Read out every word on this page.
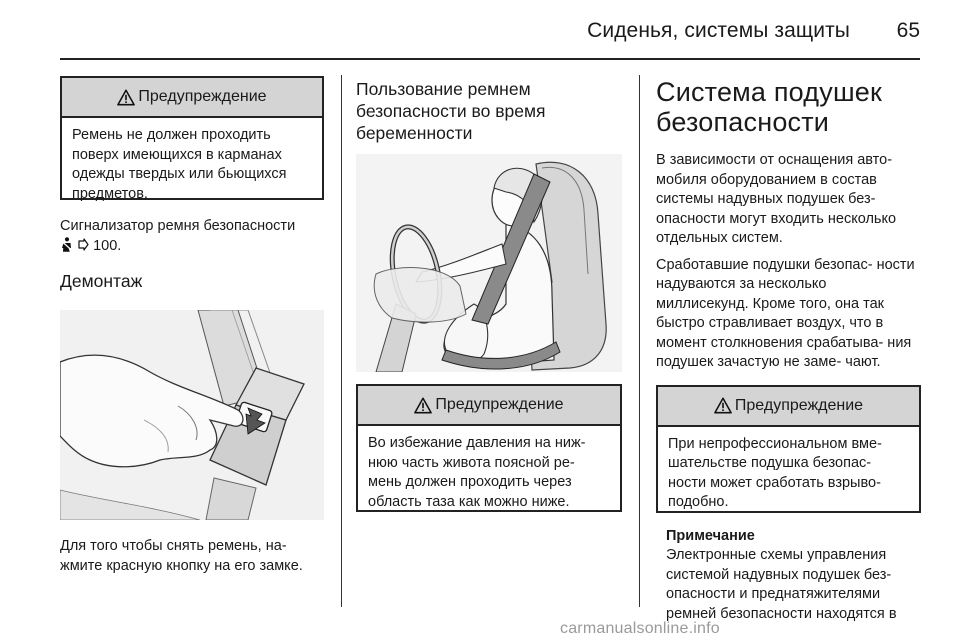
Сиденья, системы защиты 65
Предупреждение
Ремень не должен проходить поверх имеющихся в карманах одежды твердых или бьющихся предметов.

Сигнализатор ремня безопасности
100.

Демонтаж

Для того чтобы снять ремень, на- жмите красную кнопку на его замке.

Пользование ремнем безопасности во время беременности
Предупреждение
Во избежание давления на ниж- нюю часть живота поясной ре- мень должен проходить через область таза как можно ниже.
Система подушек безопасности

В зависимости от оснащения авто- мобиля оборудованием в состав системы надувных подушек без- опасности могут входить несколько отдельных систем.

Сработавшие подушки безопас- ности надуваются за несколько миллисекунд. Кроме того, она так быстро стравливает воздух, что в момент столкновения срабатыва- ния подушек зачастую не заме- чают.

Предупреждение
При непрофессиональном вме- шательстве подушка безопас- ности может сработать взрыво- подобно.

Примечание

Электронные схемы управления системой надувных подушек без- опасности и преднатяжителями ремней безопасности находятся в

carmanualsonline.info
